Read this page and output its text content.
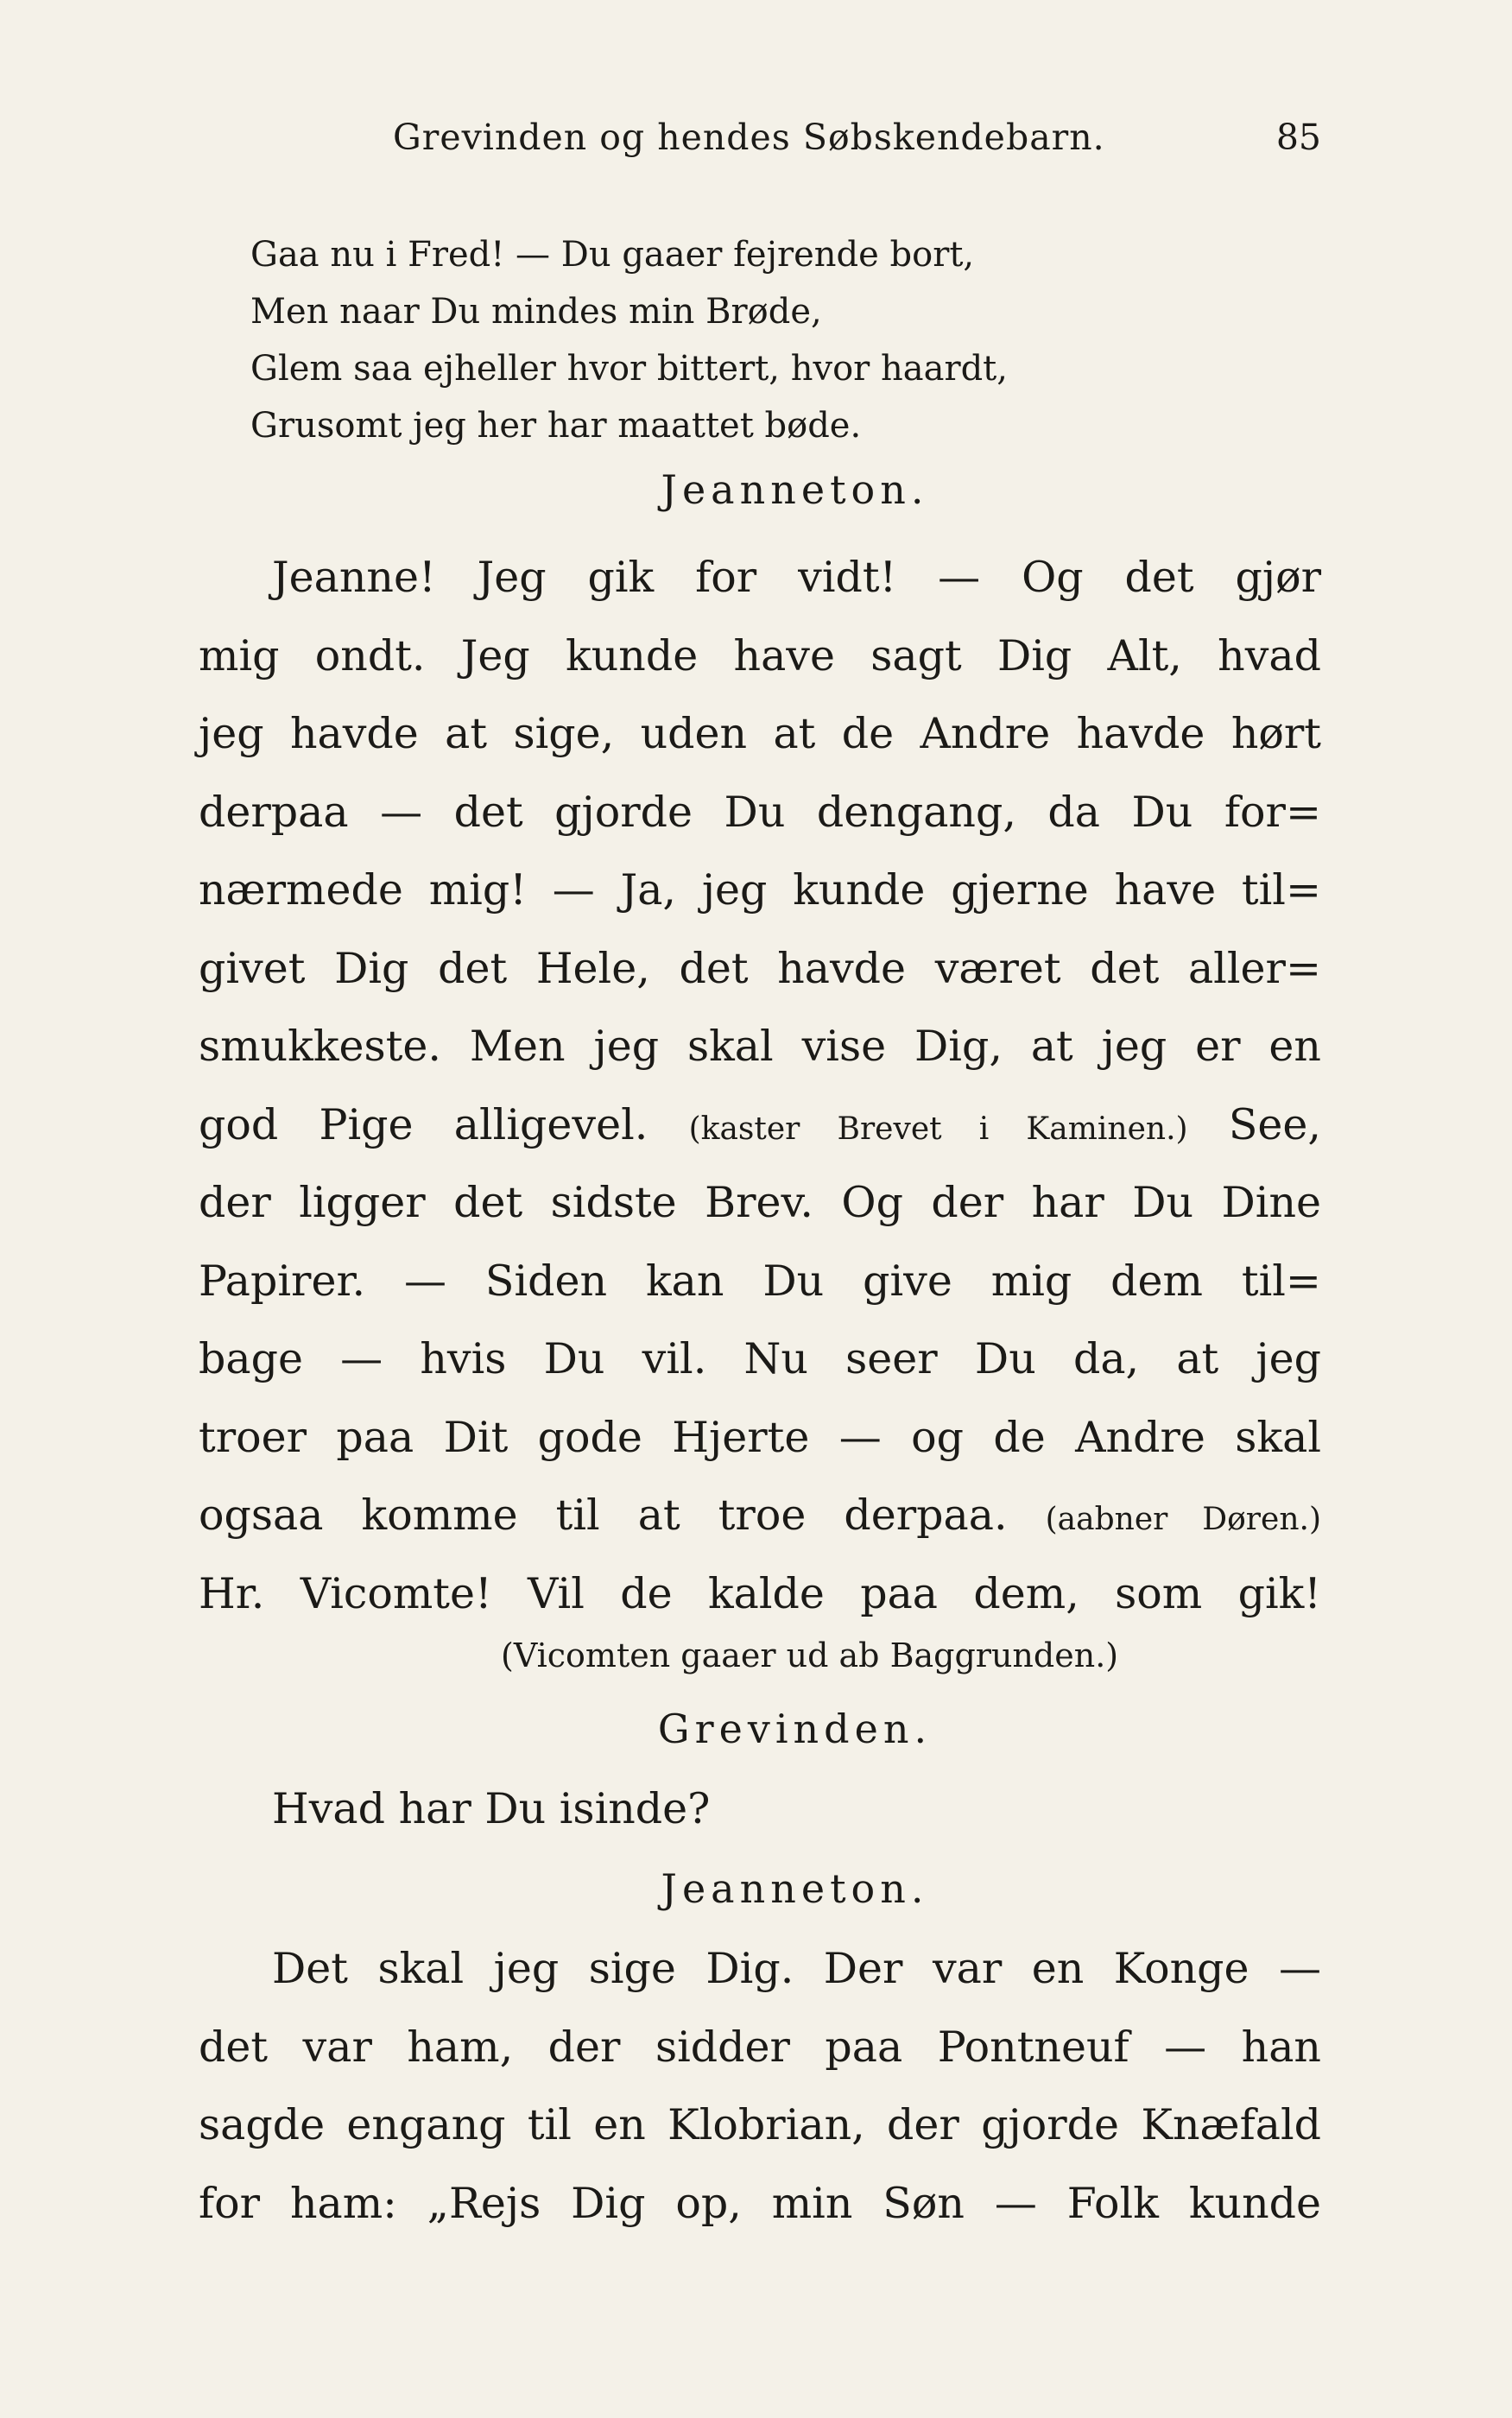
Grevinden og hendes Søbskendebarn.	85
Gaa nu i Fred! — Du gaaer fejrende bort,
Men naar Du mindes min Brøde,
Glem saa ejheller hvor bittert, hvor haardt,
Grusomt jeg her har maattet bøde.
Jeanneton.
Jeanne! Jeg gik for vidt! — Og det gjør
mig ondt. Jeg kunde have sagt Dig Alt, hvad
jeg havde at sige, uden at de Andre havde hørt
derpaa — det gjorde Du dengang, da Du for=
nærmede mig! — Ja, jeg kunde gjerne have til=
givet Dig det Hele, det havde været det aller=
smukkeste. Men jeg skal vise Dig, at jeg er en
god Pige alligevel. (kaster Brevet i Kaminen.) See,
der ligger det sidste Brev. Og der har Du Dine
Papirer. — Siden kan Du give mig dem til=
bage — hvis Du vil. Nu seer Du da, at jeg
troer paa Dit gode Hjerte — og de Andre skal
ogsaa komme til at troe derpaa. (aabner Døren.)
Hr. Vicomte! Vil de kalde paa dem, som gik!
(Vicomten gaaer ud ab Baggrunden.)
Grevinden.
Hvad har Du isinde?
Jeanneton.
Det skal jeg sige Dig. Der var en Konge —
det var ham, der sidder paa Pontneuf — han
sagde engang til en Klobrian, der gjorde Knæfald
for ham: „Rejs Dig op, min Søn — Folk kunde
